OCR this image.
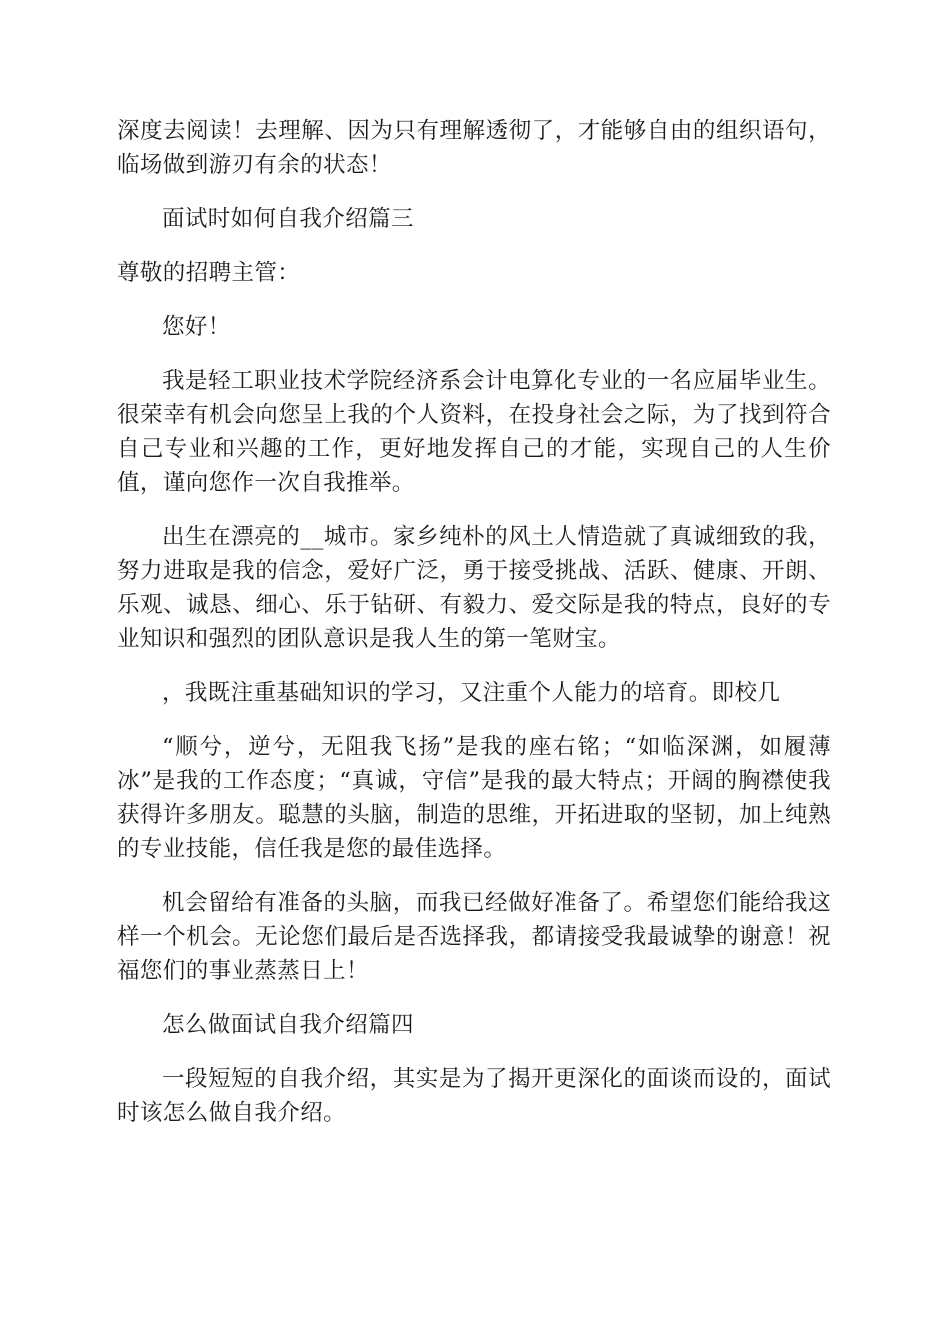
深度去阅读！去理解、因为只有理解透彻了，才能够自由的组织语句，临场做到游刃有余的状态！

面试时如何自我介绍篇三

尊敬的招聘主管：

您好！

我是轻工职业技术学院经济系会计电算化专业的一名应届毕业生。很荣幸有机会向您呈上我的个人资料，在投身社会之际，为了找到符合自己专业和兴趣的工作，更好地发挥自己的才能，实现自己的人生价值，谨向您作一次自我推举。

出生在漂亮的__城市。家乡纯朴的风土人情造就了真诚细致的我，努力进取是我的信念，爱好广泛，勇于接受挑战、活跃、健康、开朗、乐观、诚恳、细心、乐于钻研、有毅力、爱交际是我的特点，良好的专业知识和强烈的团队意识是我人生的第一笔财宝。

，我既注重基础知识的学习，又注重个人能力的培育。即校几

“顺兮，逆兮，无阻我飞扬”是我的座右铭；“如临深渊，如履薄冰”是我的工作态度；“真诚，守信”是我的最大特点；开阔的胸襟使我获得许多朋友。聪慧的头脑，制造的思维，开拓进取的坚韧，加上纯熟的专业技能，信任我是您的最佳选择。

机会留给有准备的头脑，而我已经做好准备了。希望您们能给我这样一个机会。无论您们最后是否选择我，都请接受我最诚挚的谢意！祝福您们的事业蒸蒸日上！

怎么做面试自我介绍篇四

一段短短的自我介绍，其实是为了揭开更深化的面谈而设的，面试时该怎么做自我介绍。
